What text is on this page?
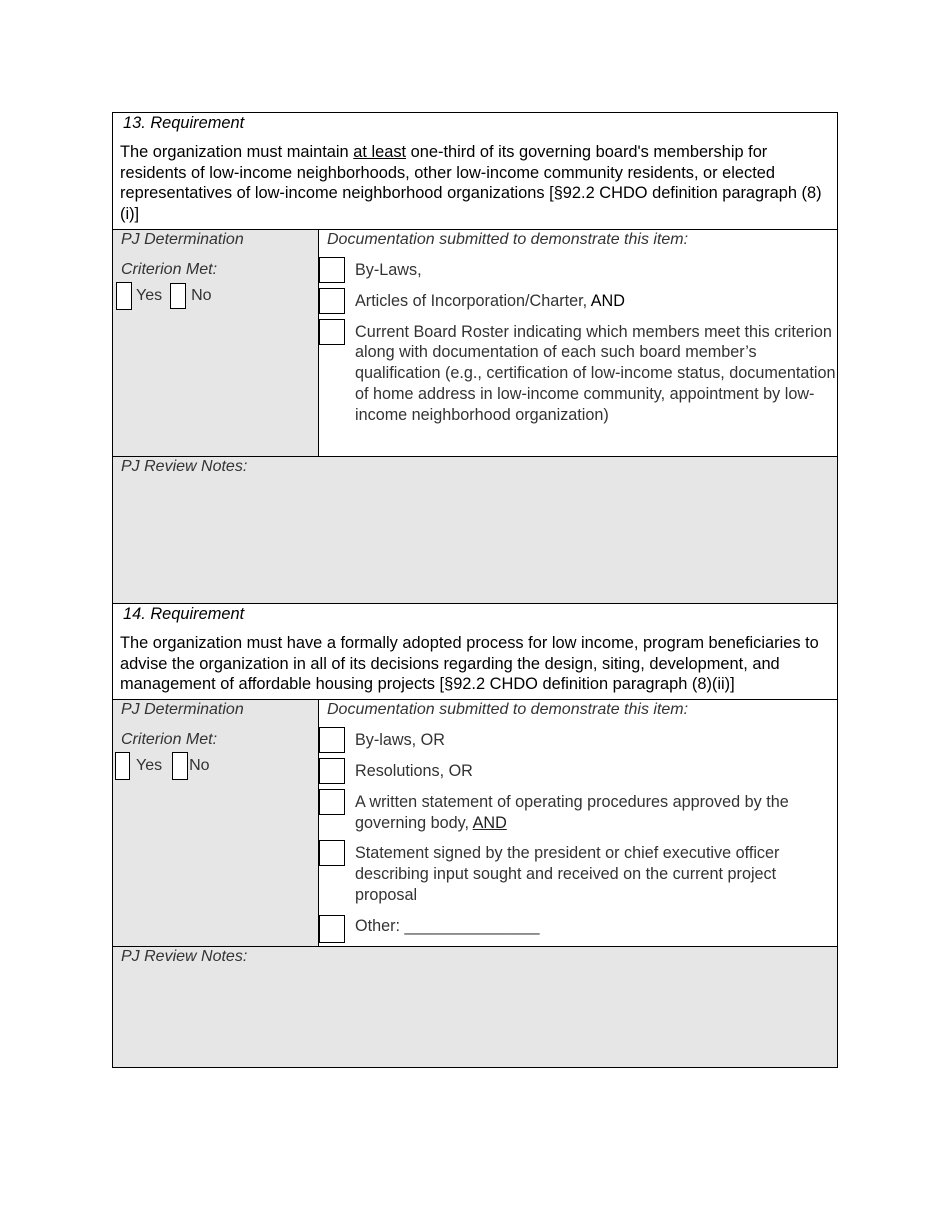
13. Requirement
The organization must maintain at least one-third of its governing board's membership for residents of low-income neighborhoods, other low-income community residents, or elected representatives of low-income neighborhood organizations [§92.2 CHDO definition paragraph (8)(i)]
PJ Determination
Criterion Met:
Yes No
Documentation submitted to demonstrate this item:
By-Laws,
Articles of Incorporation/Charter, AND
Current Board Roster indicating which members meet this criterion along with documentation of each such board member’s qualification (e.g., certification of low-income status, documentation of home address in low-income community, appointment by low-income neighborhood organization)
PJ Review Notes:
14. Requirement
The organization must have a formally adopted process for low income, program beneficiaries to advise the organization in all of its decisions regarding the design, siting, development, and management of affordable housing projects [§92.2 CHDO definition paragraph (8)(ii)]
PJ Determination
Criterion Met:
Yes No
Documentation submitted to demonstrate this item:
By-laws, OR
Resolutions, OR
A written statement of operating procedures approved by the governing body, AND
Statement signed by the president or chief executive officer describing input sought and received on the current project proposal
Other: _______________
PJ Review Notes:
